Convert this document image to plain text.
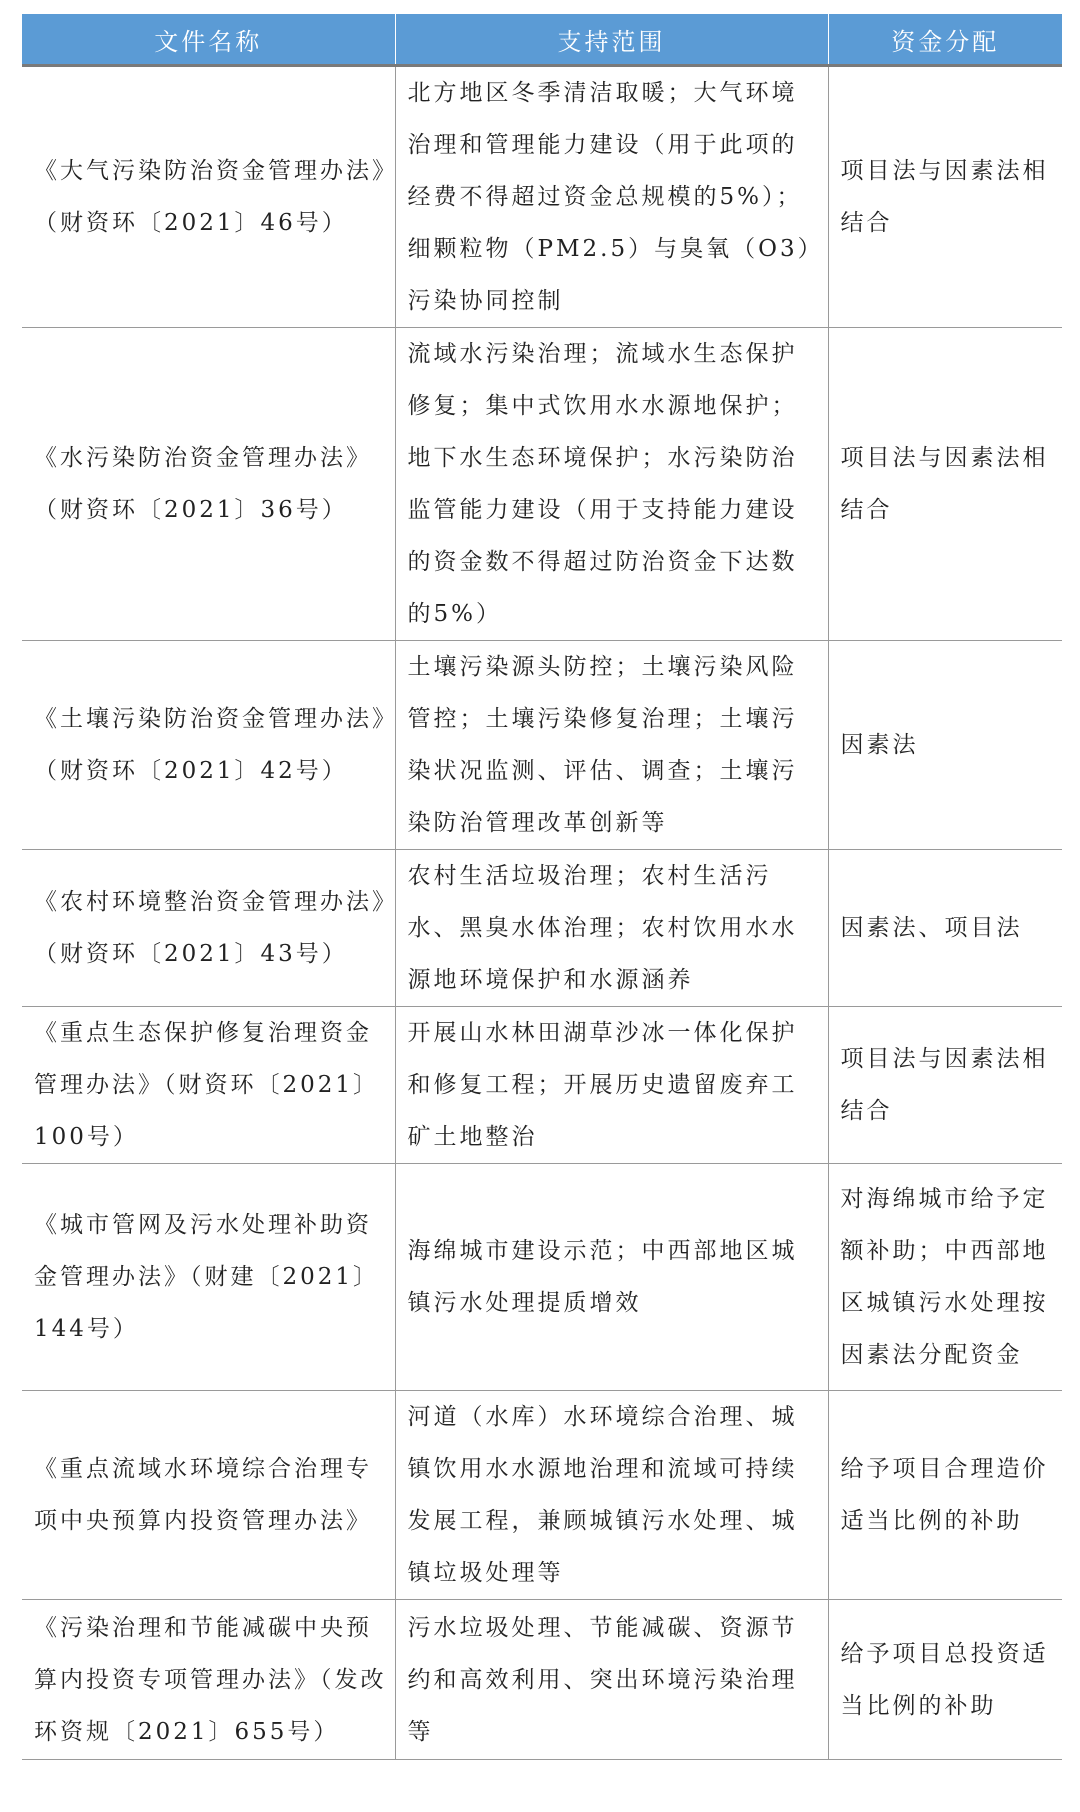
文件名称	支持范围	资金分配
《大气污染防治资金管理办法》（财资环〔2021〕46号）	北方地区冬季清洁取暖；大气环境治理和管理能力建设（用于此项的经费不得超过资金总规模的5%）；细颗粒物（PM2.5）与臭氧（O3）污染协同控制	项目法与因素法相结合
《水污染防治资金管理办法》（财资环〔2021〕36号）	流域水污染治理；流域水生态保护修复；集中式饮用水水源地保护；地下水生态环境保护；水污染防治监管能力建设（用于支持能力建设的资金数不得超过防治资金下达数的5%）	项目法与因素法相结合
《土壤污染防治资金管理办法》（财资环〔2021〕42号）	土壤污染源头防控；土壤污染风险管控；土壤污染修复治理；土壤污染状况监测、评估、调查；土壤污染防治管理改革创新等	因素法
《农村环境整治资金管理办法》（财资环〔2021〕43号）	农村生活垃圾治理；农村生活污水、黑臭水体治理；农村饮用水水源地环境保护和水源涵养	因素法、项目法
《重点生态保护修复治理资金管理办法》（财资环〔2021〕100号）	开展山水林田湖草沙冰一体化保护和修复工程；开展历史遗留废弃工矿土地整治	项目法与因素法相结合
《城市管网及污水处理补助资金管理办法》（财建〔2021〕144号）	海绵城市建设示范；中西部地区城镇污水处理提质增效	对海绵城市给予定额补助；中西部地区城镇污水处理按因素法分配资金
《重点流域水环境综合治理专项中央预算内投资管理办法》	河道（水库）水环境综合治理、城镇饮用水水源地治理和流域可持续发展工程，兼顾城镇污水处理、城镇垃圾处理等	给予项目合理造价适当比例的补助
《污染治理和节能减碳中央预算内投资专项管理办法》（发改环资规〔2021〕655号）	污水垃圾处理、节能减碳、资源节约和高效利用、突出环境污染治理等	给予项目总投资适当比例的补助
